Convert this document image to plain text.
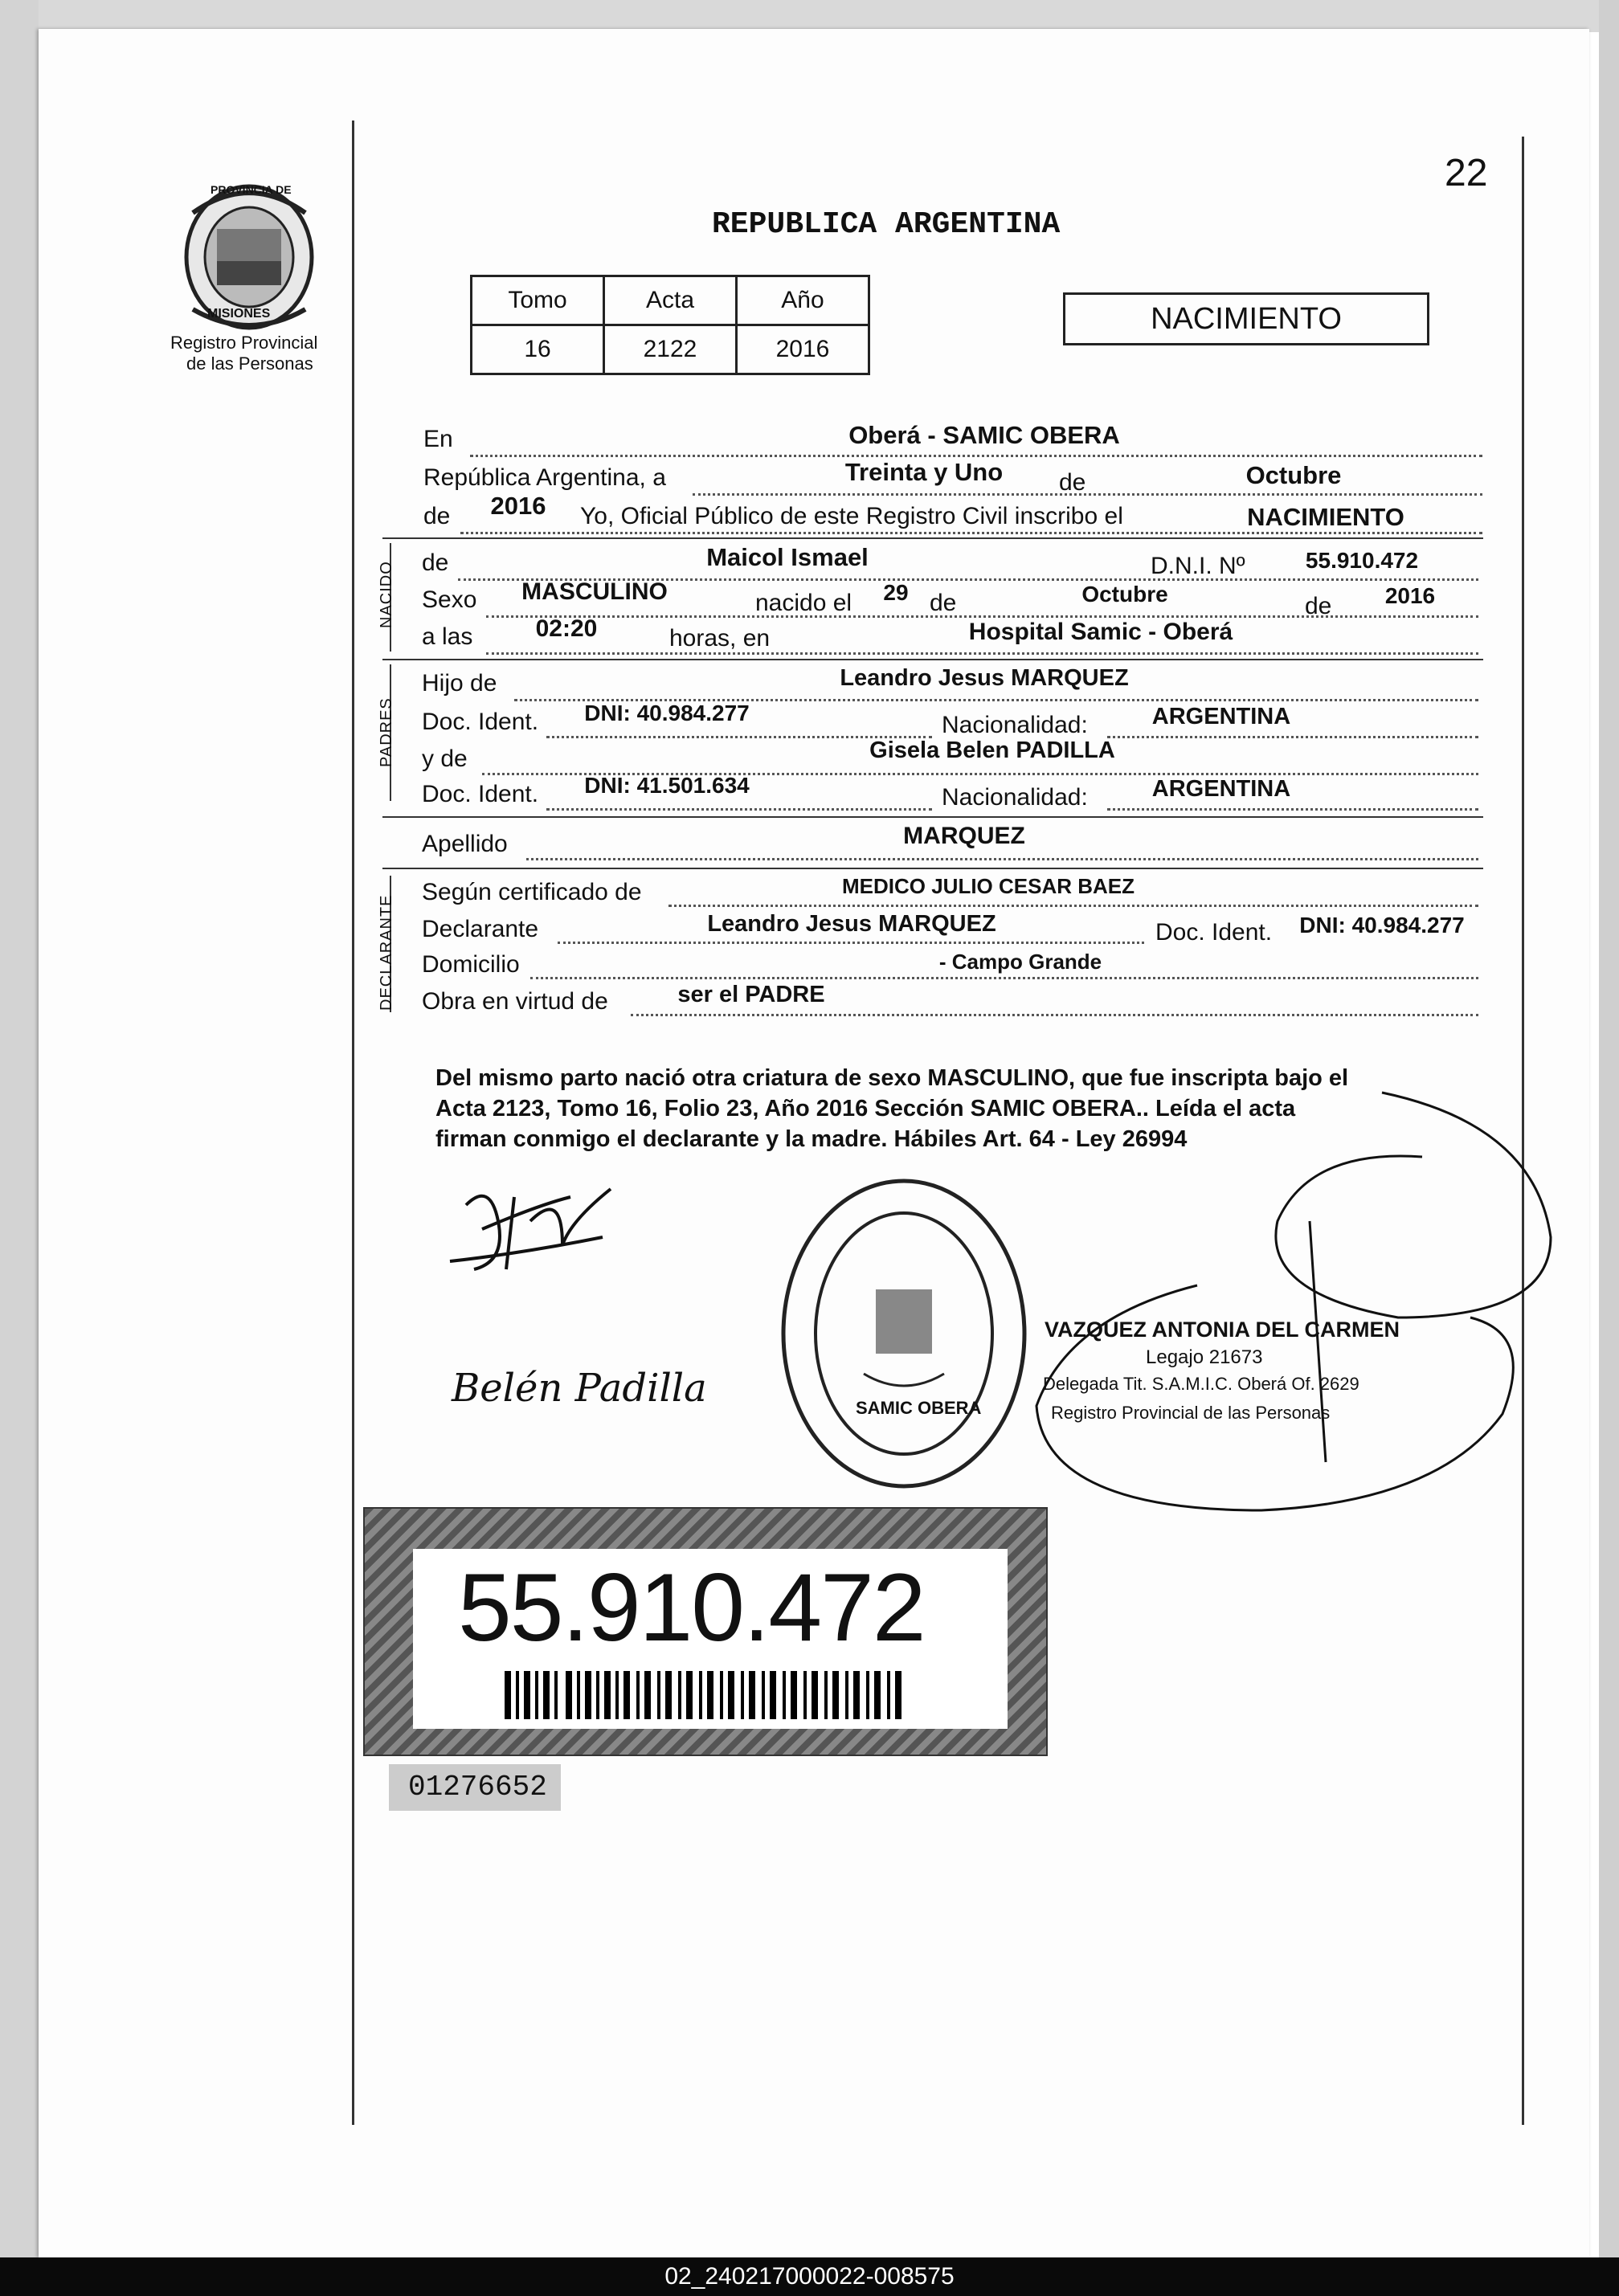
PROVINCIA DE
MISIONES
Registro Provincial
de las Personas
22
REPUBLICA ARGENTINA
Tomo	Acta	Año
16	2122	2016
NACIMIENTO
En	Oberá - SAMIC OBERA
República Argentina, a	Treinta y Uno	de	Octubre
de	2016	Yo, Oficial Público de este Registro Civil inscribo el	NACIMIENTO
NACIDO de	Maicol Ismael	D.N.I. Nº	55.910.472
Sexo	MASCULINO	nacido el	29 de	Octubre	de	2016
a las	02:20	horas, en	Hospital Samic - Oberá
PADRES
Hijo de	Leandro Jesus MARQUEZ
Doc. Ident.	DNI: 40.984.277	Nacionalidad:	ARGENTINA
y de	Gisela Belen PADILLA
Doc. Ident.	DNI: 41.501.634	Nacionalidad:	ARGENTINA
Apellido	MARQUEZ
DECLARANTE
Según certificado de	MEDICO JULIO CESAR BAEZ
Declarante	Leandro Jesus MARQUEZ	Doc. Ident.	DNI: 40.984.277
Domicilio	- Campo Grande
Obra en virtud de	ser el PADRE
Del mismo parto nació otra criatura de sexo MASCULINO, que fue inscripta bajo el
Acta 2123, Tomo 16, Folio 23, Año 2016 Sección SAMIC OBERA.. Leída el acta
firman conmigo el declarante y la madre. Hábiles Art. 64 - Ley 26994
Belén Padilla	SAMIC OBERA
VAZQUEZ ANTONIA DEL CARMEN
Legajo 21673
Delegada Tit. S.A.M.I.C. Oberá Of. 2629
Registro Provincial de las Personas
55.910.472
01276652
02_240217000022-008575
